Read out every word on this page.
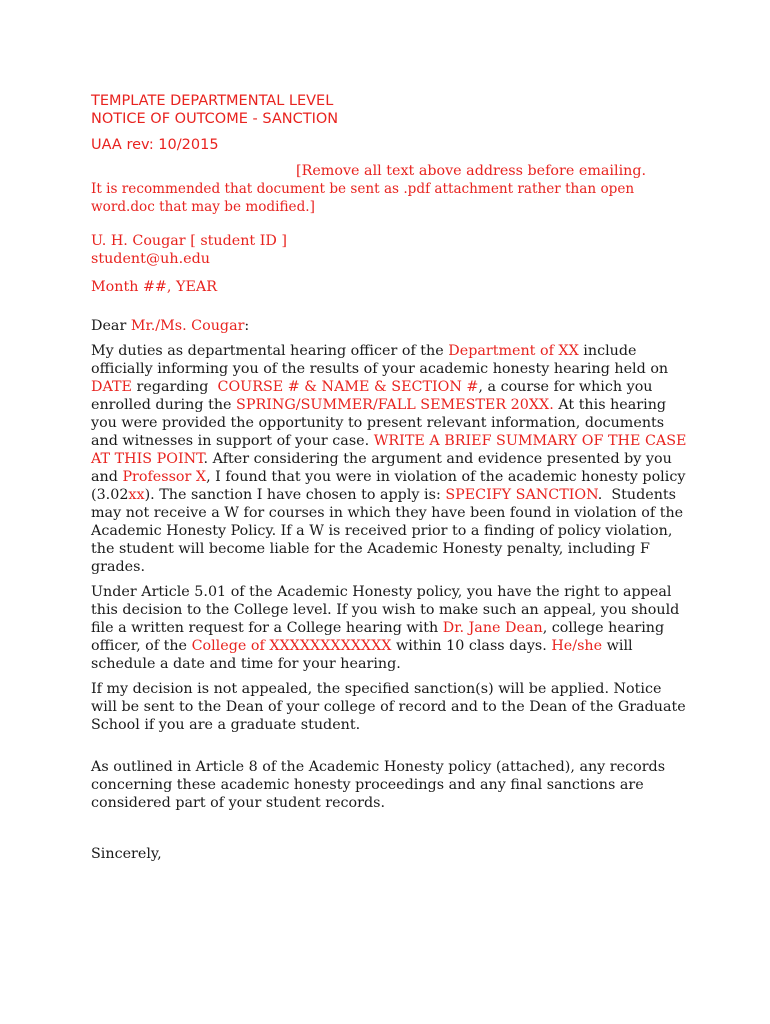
TEMPLATE DEPARTMENTAL LEVEL
NOTICE OF OUTCOME - SANCTION
UAA rev: 10/2015
[Remove all text above address before emailing.
It is recommended that document be sent as .pdf attachment rather than open
word.doc that may be modified.]
U. H. Cougar [ student ID ]
student@uh.edu
Month ##, YEAR

Dear Mr./Ms. Cougar:

My duties as departmental hearing officer of the Department of XX include officially informing you of the results of your academic honesty hearing held on DATE regarding  COURSE # & NAME & SECTION #, a course for which you enrolled during the SPRING/SUMMER/FALL SEMESTER 20XX. At this hearing you were provided the opportunity to present relevant information, documents and witnesses in support of your case. WRITE A BRIEF SUMMARY OF THE CASE AT THIS POINT. After considering the argument and evidence presented by you and Professor X, I found that you were in violation of the academic honesty policy (3.02xx). The sanction I have chosen to apply is: SPECIFY SANCTION.  Students may not receive a W for courses in which they have been found in violation of the Academic Honesty Policy. If a W is received prior to a finding of policy violation, the student will become liable for the Academic Honesty penalty, including F grades.

Under Article 5.01 of the Academic Honesty policy, you have the right to appeal this decision to the College level. If you wish to make such an appeal, you should file a written request for a College hearing with Dr. Jane Dean, college hearing officer, of the College of XXXXXXXXXXXX within 10 class days. He/she will schedule a date and time for your hearing.

If my decision is not appealed, the specified sanction(s) will be applied. Notice will be sent to the Dean of your college of record and to the Dean of the Graduate School if you are a graduate student.

As outlined in Article 8 of the Academic Honesty policy (attached), any records concerning these academic honesty proceedings and any final sanctions are considered part of your student records.

Sincerely,
